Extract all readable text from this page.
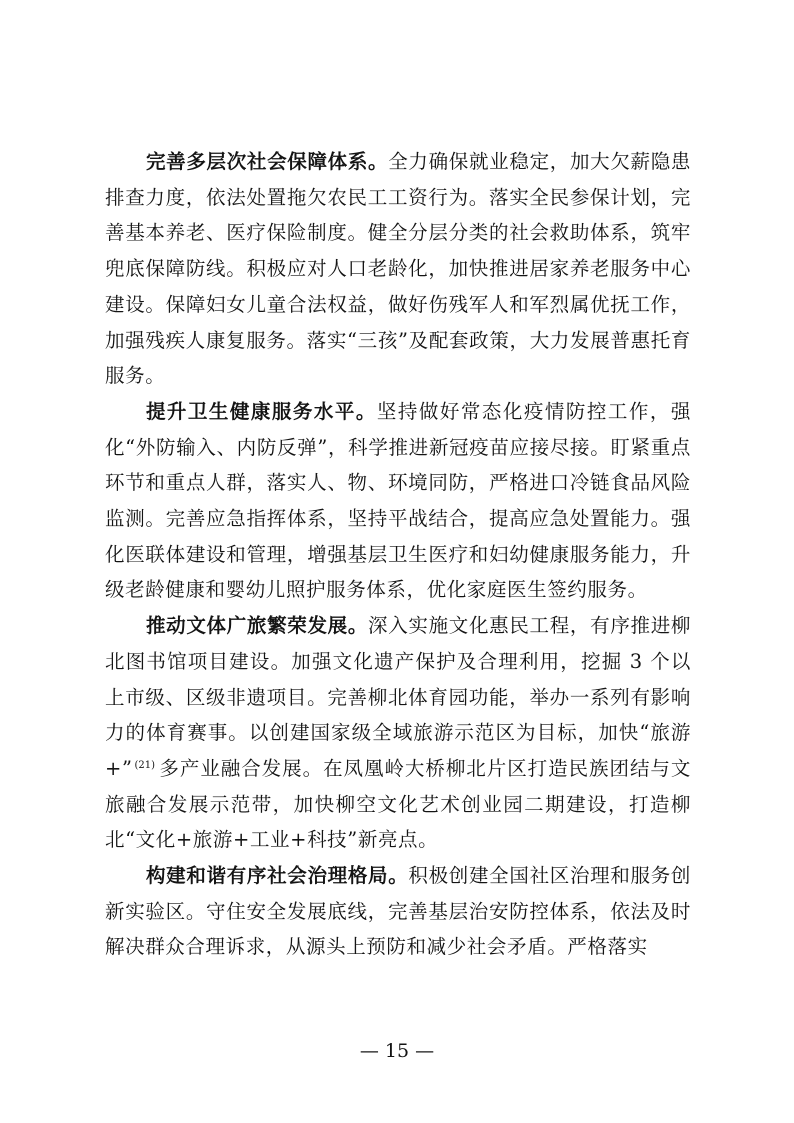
完善多层次社会保障体系。全力确保就业稳定，加大欠薪隐患排查力度，依法处置拖欠农民工工资行为。落实全民参保计划，完善基本养老、医疗保险制度。健全分层分类的社会救助体系，筑牢兜底保障防线。积极应对人口老龄化，加快推进居家养老服务中心建设。保障妇女儿童合法权益，做好伤残军人和军烈属优抚工作，加强残疾人康复服务。落实“三孩”及配套政策，大力发展普惠托育服务。

提升卫生健康服务水平。坚持做好常态化疫情防控工作，强化“外防输入、内防反弹”，科学推进新冠疫苗应接尽接。盯紧重点环节和重点人群，落实人、物、环境同防，严格进口冷链食品风险监测。完善应急指挥体系，坚持平战结合，提高应急处置能力。强化医联体建设和管理，增强基层卫生医疗和妇幼健康服务能力，升级老龄健康和婴幼儿照护服务体系，优化家庭医生签约服务。

推动文体广旅繁荣发展。深入实施文化惠民工程，有序推进柳北图书馆项目建设。加强文化遗产保护及合理利用，挖掘 3 个以上市级、区级非遗项目。完善柳北体育园功能，举办一系列有影响力的体育赛事。以创建国家级全域旅游示范区为目标，加快“旅游+” $^{(21)}$ 多产业融合发展。在凤凰岭大桥柳北片区打造民族团结与文旅融合发展示范带，加快柳空文化艺术创业园二期建设，打造柳北“文化+旅游+工业+科技”新亮点。

构建和谐有序社会治理格局。积极创建全国社区治理和服务创新实验区。守住安全发展底线，完善基层治安防控体系，依法及时解决群众合理诉求，从源头上预防和减少社会矛盾。严格落实

— 15 —
